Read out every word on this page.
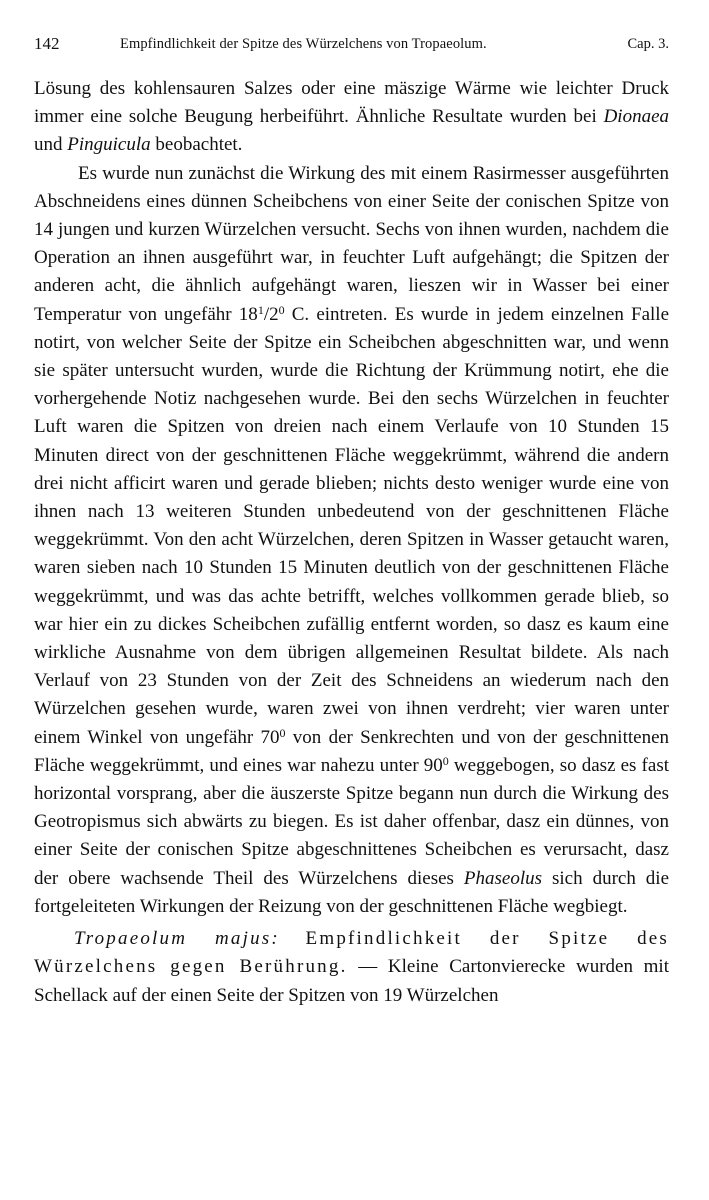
142	Empfindlichkeit der Spitze des Würzelchens von Tropaeolum.	Cap. 3.

Lösung des kohlensauren Salzes oder eine mäszige Wärme wie leichter Druck immer eine solche Beugung herbeiführt. Ähnliche Resultate wurden bei Dionaea und Pinguicula beobachtet.

Es wurde nun zunächst die Wirkung des mit einem Rasirmesser ausgeführten Abschneidens eines dünnen Scheibchens von einer Seite der conischen Spitze von 14 jungen und kurzen Würzelchen versucht. Sechs von ihnen wurden, nachdem die Operation an ihnen ausgeführt war, in feuchter Luft aufgehängt; die Spitzen der anderen acht, die ähnlich aufgehängt waren, lieszen wir in Wasser bei einer Temperatur von ungefähr $18^1/2^0$ C. eintreten. Es wurde in jedem einzelnen Falle notirt, von welcher Seite der Spitze ein Scheibchen abgeschnitten war, und wenn sie später untersucht wurden, wurde die Richtung der Krümmung notirt, ehe die vorhergehende Notiz nachgesehen wurde. Bei den sechs Würzelchen in feuchter Luft waren die Spitzen von dreien nach einem Verlaufe von 10 Stunden 15 Minuten direct von der geschnittenen Fläche weggekrümmt, während die andern drei nicht afficirt waren und gerade blieben; nichts desto weniger wurde eine von ihnen nach 13 weiteren Stunden unbedeutend von der geschnittenen Fläche weggekrümmt. Von den acht Würzelchen, deren Spitzen in Wasser getaucht waren, waren sieben nach 10 Stunden 15 Minuten deutlich von der geschnittenen Fläche weggekrümmt, und was das achte betrifft, welches vollkommen gerade blieb, so war hier ein zu dickes Scheibchen zufällig entfernt worden, so dasz es kaum eine wirkliche Ausnahme von dem übrigen allgemeinen Resultat bildete. Als nach Verlauf von 23 Stunden von der Zeit des Schneidens an wiederum nach den Würzelchen gesehen wurde, waren zwei von ihnen verdreht; vier waren unter einem Winkel von ungefähr $70^0$ von der Senkrechten und von der geschnittenen Fläche weggekrümmt, und eines war nahezu unter $90^0$ weggebogen, so dasz es fast horizontal vorsprang, aber die äuszerste Spitze begann nun durch die Wirkung des Geotropismus sich abwärts zu biegen. Es ist daher offenbar, dasz ein dünnes, von einer Seite der conischen Spitze abgeschnittenes Scheibchen es verursacht, dasz der obere wachsende Theil des Würzelchens dieses Phaseolus sich durch die fortgeleiteten Wirkungen der Reizung von der geschnittenen Fläche wegbiegt.

Tropaeolum majus: Empfindlichkeit der Spitze des Würzelchens gegen Berührung. — Kleine Cartonvierecke wurden mit Schellack auf der einen Seite der Spitzen von 19 Würzelchen
